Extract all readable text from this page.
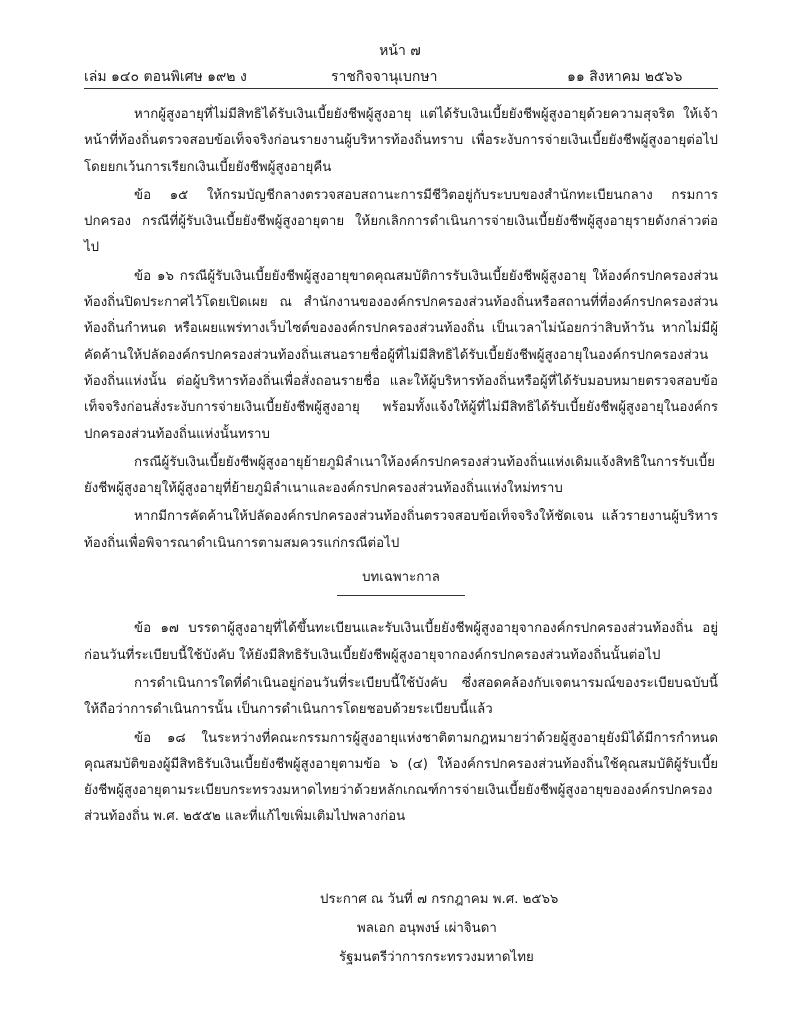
หน้า ๗
เล่ม ๑๔๐ ตอนพิเศษ ๑๙๒ ง	ราชกิจจานุเบกษา	๑๑ สิงหาคม ๒๕๖๖

หากผู้สูงอายุที่ไม่มีสิทธิได้รับเงินเบี้ยยังชีพผู้สูงอายุ แต่ได้รับเงินเบี้ยยังชีพผู้สูงอายุด้วยความสุจริต ให้เจ้าหน้าที่ท้องถิ่นตรวจสอบข้อเท็จจริงก่อนรายงานผู้บริหารท้องถิ่นทราบ เพื่อระงับการจ่ายเงินเบี้ยยังชีพผู้สูงอายุต่อไป โดยยกเว้นการเรียกเงินเบี้ยยังชีพผู้สูงอายุคืน

ข้อ ๑๕ ให้กรมบัญชีกลางตรวจสอบสถานะการมีชีวิตอยู่กับระบบของสำนักทะเบียนกลาง กรมการปกครอง กรณีที่ผู้รับเงินเบี้ยยังชีพผู้สูงอายุตาย ให้ยกเลิกการดำเนินการจ่ายเงินเบี้ยยังชีพผู้สูงอายุรายดังกล่าวต่อไป

ข้อ ๑๖ กรณีผู้รับเงินเบี้ยยังชีพผู้สูงอายุขาดคุณสมบัติการรับเงินเบี้ยยังชีพผู้สูงอายุ ให้องค์กรปกครองส่วนท้องถิ่นปิดประกาศไว้โดยเปิดเผย ณ สำนักงานขององค์กรปกครองส่วนท้องถิ่นหรือสถานที่ที่องค์กรปกครองส่วนท้องถิ่นกำหนด หรือเผยแพร่ทางเว็บไซต์ขององค์กรปกครองส่วนท้องถิ่น เป็นเวลาไม่น้อยกว่าสิบห้าวัน หากไม่มีผู้คัดค้านให้ปลัดองค์กรปกครองส่วนท้องถิ่นเสนอรายชื่อผู้ที่ไม่มีสิทธิได้รับเบี้ยยังชีพผู้สูงอายุในองค์กรปกครองส่วนท้องถิ่นแห่งนั้น ต่อผู้บริหารท้องถิ่นเพื่อสั่งถอนรายชื่อ และให้ผู้บริหารท้องถิ่นหรือผู้ที่ได้รับมอบหมายตรวจสอบข้อเท็จจริงก่อนสั่งระงับการจ่ายเงินเบี้ยยังชีพผู้สูงอายุ พร้อมทั้งแจ้งให้ผู้ที่ไม่มีสิทธิได้รับเบี้ยยังชีพผู้สูงอายุในองค์กรปกครองส่วนท้องถิ่นแห่งนั้นทราบ

กรณีผู้รับเงินเบี้ยยังชีพผู้สูงอายุย้ายภูมิลำเนาให้องค์กรปกครองส่วนท้องถิ่นแห่งเดิมแจ้งสิทธิในการรับเบี้ยยังชีพผู้สูงอายุให้ผู้สูงอายุที่ย้ายภูมิลำเนาและองค์กรปกครองส่วนท้องถิ่นแห่งใหม่ทราบ

หากมีการคัดค้านให้ปลัดองค์กรปกครองส่วนท้องถิ่นตรวจสอบข้อเท็จจริงให้ชัดเจน แล้วรายงานผู้บริหารท้องถิ่นเพื่อพิจารณาดำเนินการตามสมควรแก่กรณีต่อไป

บทเฉพาะกาล

ข้อ ๑๗ บรรดาผู้สูงอายุที่ได้ขึ้นทะเบียนและรับเงินเบี้ยยังชีพผู้สูงอายุจากองค์กรปกครองส่วนท้องถิ่น อยู่ก่อนวันที่ระเบียบนี้ใช้บังคับ ให้ยังมีสิทธิรับเงินเบี้ยยังชีพผู้สูงอายุจากองค์กรปกครองส่วนท้องถิ่นนั้นต่อไป

การดำเนินการใดที่ดำเนินอยู่ก่อนวันที่ระเบียบนี้ใช้บังคับ ซึ่งสอดคล้องกับเจตนารมณ์ของระเบียบฉบับนี้ ให้ถือว่าการดำเนินการนั้น เป็นการดำเนินการโดยชอบด้วยระเบียบนี้แล้ว

ข้อ ๑๘ ในระหว่างที่คณะกรรมการผู้สูงอายุแห่งชาติตามกฎหมายว่าด้วยผู้สูงอายุยังมิได้มีการกำหนดคุณสมบัติของผู้มีสิทธิรับเงินเบี้ยยังชีพผู้สูงอายุตามข้อ ๖ (๔) ให้องค์กรปกครองส่วนท้องถิ่นใช้คุณสมบัติผู้รับเบี้ยยังชีพผู้สูงอายุตามระเบียบกระทรวงมหาดไทยว่าด้วยหลักเกณฑ์การจ่ายเงินเบี้ยยังชีพผู้สูงอายุขององค์กรปกครองส่วนท้องถิ่น พ.ศ. ๒๕๕๒ และที่แก้ไขเพิ่มเติมไปพลางก่อน

ประกาศ ณ วันที่ ๗ กรกฎาคม พ.ศ. ๒๕๖๖
พลเอก อนุพงษ์ เผ่าจินดา
รัฐมนตรีว่าการกระทรวงมหาดไทย
